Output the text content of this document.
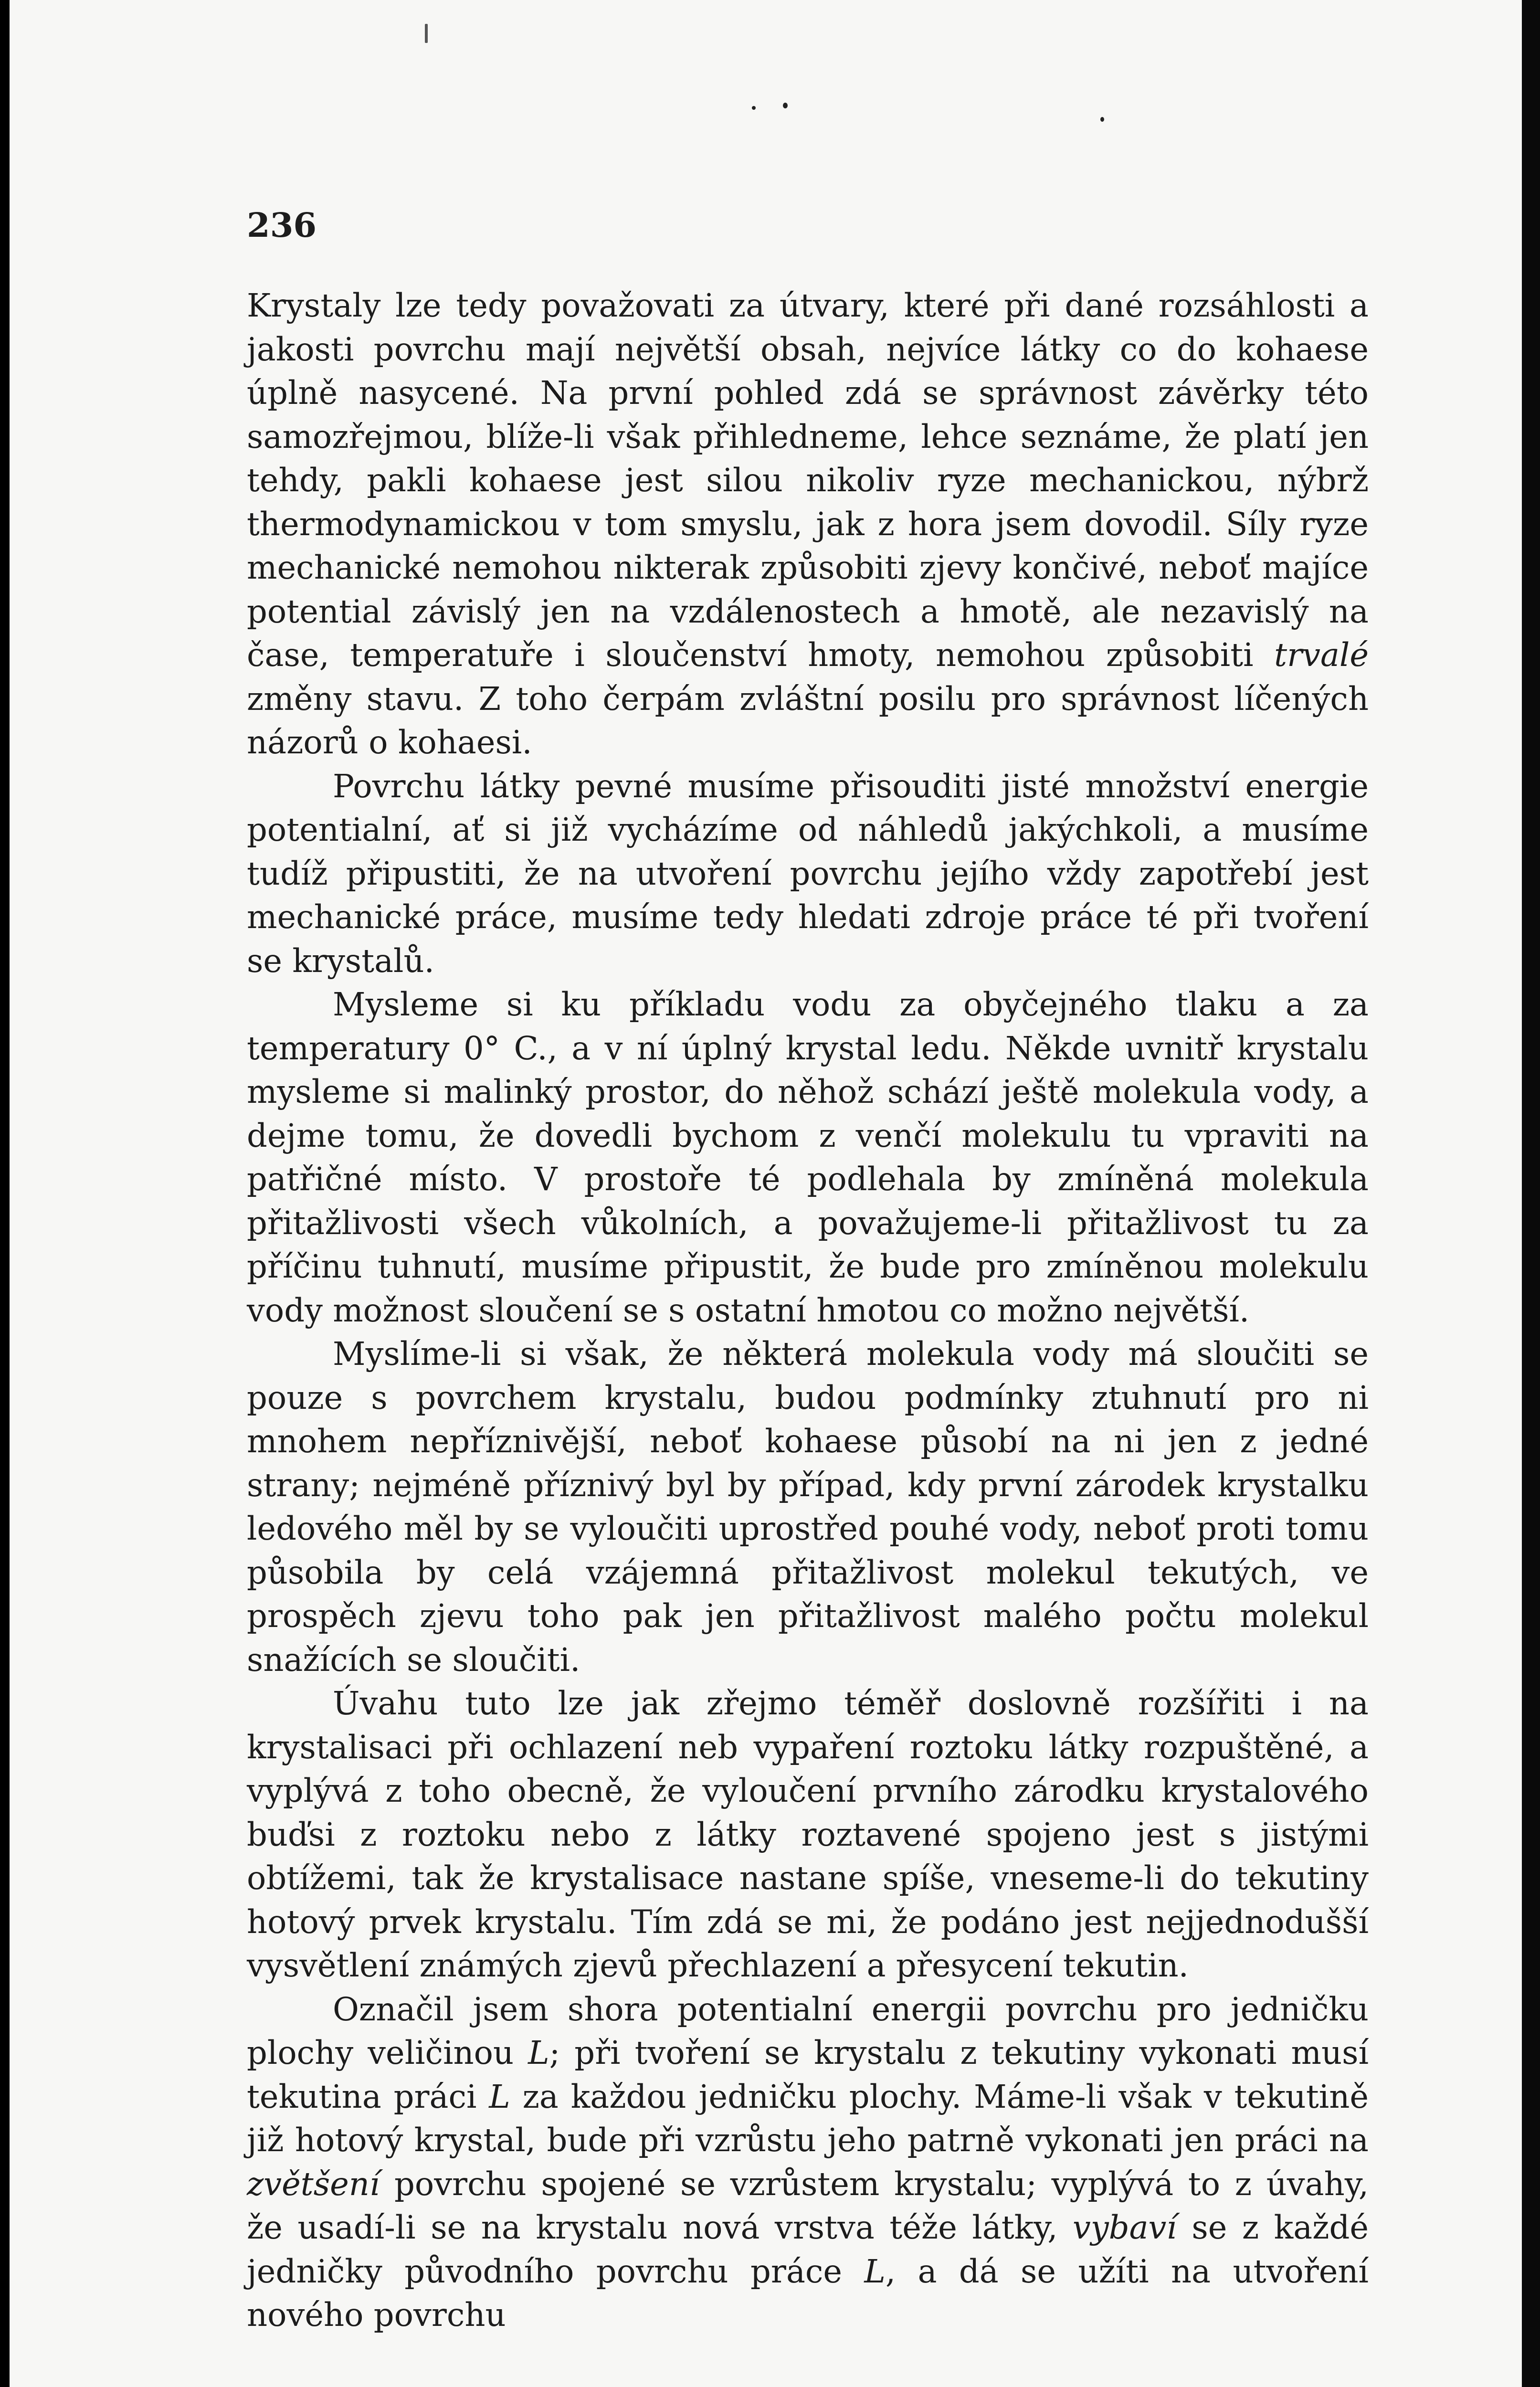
236

Krystaly lze tedy považovati za útvary, které při dané rozsáhlosti a jakosti povrchu mají největší obsah, nejvíce látky co do kohaese úplně nasycené. Na první pohled zdá se správnost závěrky této samozřejmou, blíže-li však přihledneme, lehce seznáme, že platí jen tehdy, pakli kohaese jest silou nikoliv ryze mechanickou, nýbrž thermodynamickou v tom smyslu, jak z hora jsem dovodil. Síly ryze mechanické nemohou nikterak způsobiti zjevy končivé, neboť majíce potential závislý jen na vzdálenostech a hmotě, ale nezavislý na čase, temperatuře i sloučenství hmoty, nemohou způsobiti trvalé změny stavu. Z toho čerpám zvláštní posilu pro správnost líčených názorů o kohaesi.

Povrchu látky pevné musíme přisouditi jisté množství energie potentialní, ať si již vycházíme od náhledů jakýchkoli, a musíme tudíž připustiti, že na utvoření povrchu jejího vždy zapotřebí jest mechanické práce, musíme tedy hledati zdroje práce té při tvoření se krystalů.

Mysleme si ku příkladu vodu za obyčejného tlaku a za temperatury 0° C., a v ní úplný krystal ledu. Někde uvnitř krystalu mysleme si malinký prostor, do něhož schází ještě molekula vody, a dejme tomu, že dovedli bychom z venčí molekulu tu vpraviti na patřičné místo. V prostoře té podlehala by zmíněná molekula přitažlivosti všech vůkolních, a považujeme-li přitažlivost tu za příčinu tuhnutí, musíme připustit, že bude pro zmíněnou molekulu vody možnost sloučení se s ostatní hmotou co možno největší.

Myslíme-li si však, že některá molekula vody má sloučiti se pouze s povrchem krystalu, budou podmínky ztuhnutí pro ni mnohem nepříznivější, neboť kohaese působí na ni jen z jedné strany; nejméně příznivý byl by případ, kdy první zárodek krystalku ledového měl by se vyloučiti uprostřed pouhé vody, neboť proti tomu působila by celá vzájemná přitažlivost molekul tekutých, ve prospěch zjevu toho pak jen přitažlivost malého počtu molekul snažících se sloučiti.

Úvahu tuto lze jak zřejmo téměř doslovně rozšířiti i na krystalisaci při ochlazení neb vypaření roztoku látky rozpuštěné, a vyplývá z toho obecně, že vyloučení prvního zárodku krystalového buďsi z roztoku nebo z látky roztavené spojeno jest s jistými obtížemi, tak že krystalisace nastane spíše, vneseme-li do tekutiny hotový prvek krystalu. Tím zdá se mi, že podáno jest nejjednodušší vysvětlení známých zjevů přechlazení a přesycení tekutin.

Označil jsem shora potentialní energii povrchu pro jedničku plochy veličinou L; při tvoření se krystalu z tekutiny vykonati musí tekutina práci L za každou jedničku plochy. Máme-li však v tekutině již hotový krystal, bude při vzrůstu jeho patrně vykonati jen práci na zvětšení povrchu spojené se vzrůstem krystalu; vyplývá to z úvahy, že usadí-li se na krystalu nová vrstva téže látky, vybaví se z každé jedničky původního povrchu práce L, a dá se užíti na utvoření nového povrchu
